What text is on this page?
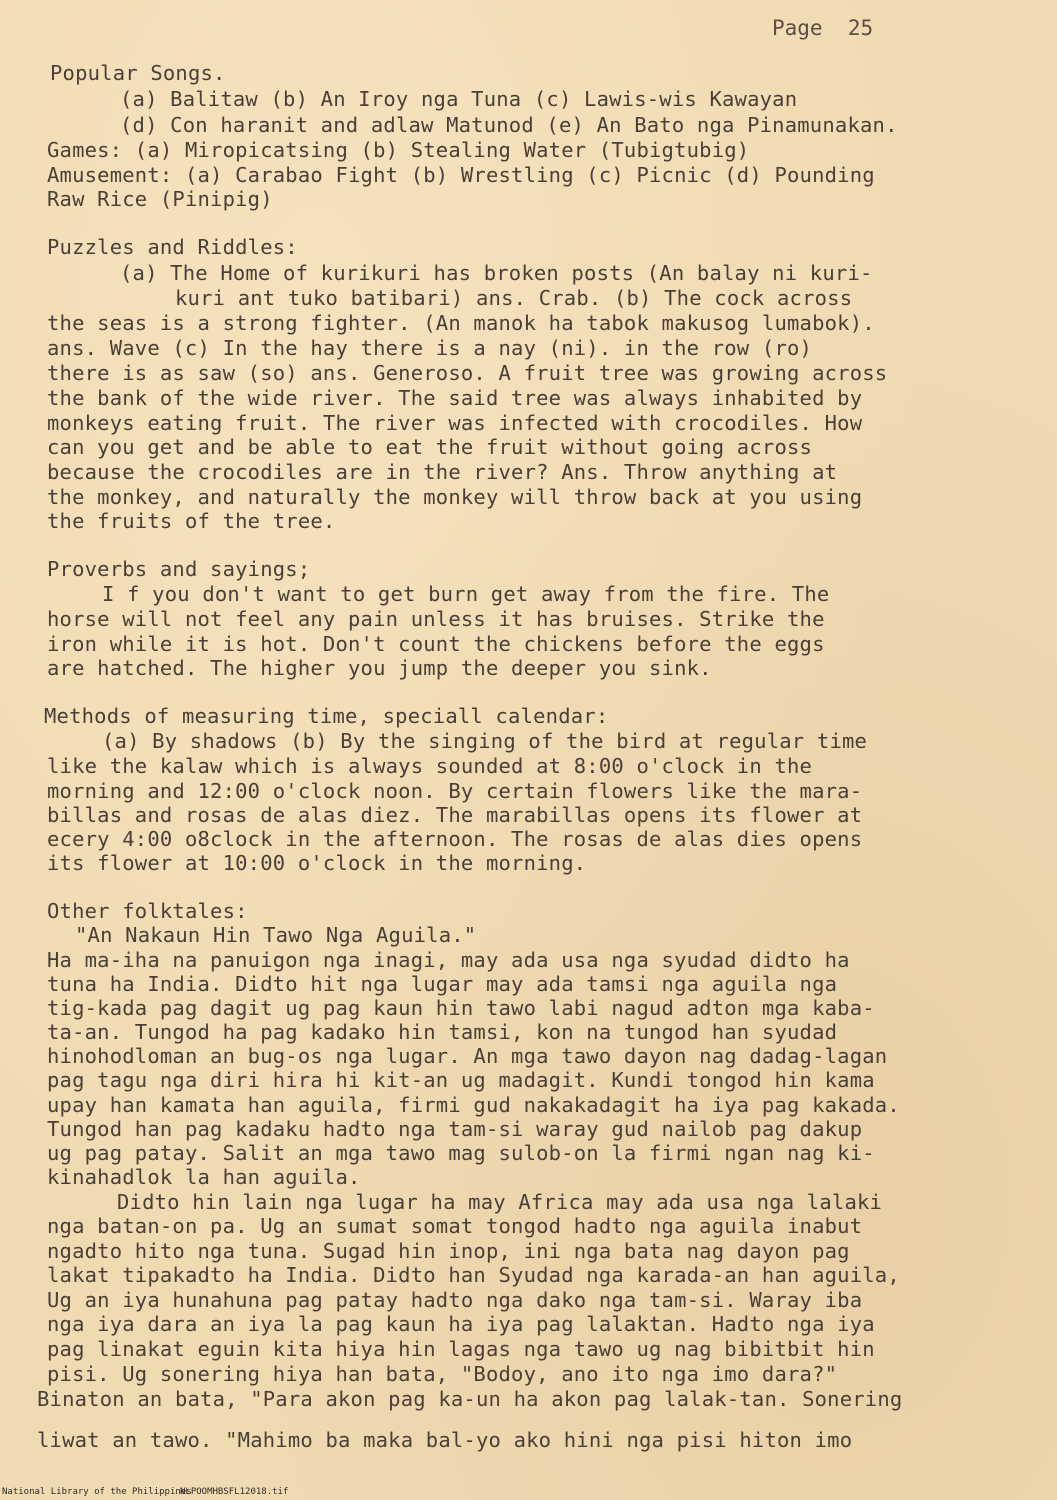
Page  25
Popular Songs.
(a) Balitaw (b) An Iroy nga Tuna (c) Lawis-wis Kawayan
(d) Con haranit and adlaw Matunod (e) An Bato nga Pinamunakan.
Games: (a) Miropicatsing (b) Stealing Water (Tubigtubig)
Amusement: (a) Carabao Fight (b) Wrestling (c) Picnic (d) Pounding
Raw Rice (Pinipig)
Puzzles and Riddles:
(a) The Home of kurikuri has broken posts (An balay ni kuri-
kuri ant tuko batibari) ans. Crab. (b) The cock across
the seas is a strong fighter. (An manok ha tabok makusog lumabok).
ans. Wave (c) In the hay there is a nay (ni). in the row (ro)
there is as saw (so) ans. Generoso. A fruit tree was growing across
the bank of the wide river. The said tree was always inhabited by
monkeys eating fruit. The river was infected with crocodiles. How
can you get and be able to eat the fruit without going across
because the crocodiles are in the river? Ans. Throw anything at
the monkey, and naturally the monkey will throw back at you using
the fruits of the tree.
Proverbs and sayings;
I f you don't want to get burn get away from the fire. The
horse will not feel any pain unless it has bruises. Strike the
iron while it is hot. Don't count the chickens before the eggs
are hatched. The higher you jump the deeper you sink.
Methods of measuring time, speciall calendar:
(a) By shadows (b) By the singing of the bird at regular time
like the kalaw which is always sounded at 8:00 o'clock in the
morning and 12:00 o'clock noon. By certain flowers like the mara-
billas and rosas de alas diez. The marabillas opens its flower at
ecery 4:00 o8clock in the afternoon. The rosas de alas dies opens
its flower at 10:00 o'clock in the morning.
Other folktales:
"An Nakaun Hin Tawo Nga Aguila."
Ha ma-iha na panuigon nga inagi, may ada usa nga syudad didto ha
tuna ha India. Didto hit nga lugar may ada tamsi nga aguila nga
tig-kada pag dagit ug pag kaun hin tawo labi nagud adton mga kaba-
ta-an. Tungod ha pag kadako hin tamsi, kon na tungod han syudad
hinohodloman an bug-os nga lugar. An mga tawo dayon nag dadag-lagan
pag tagu nga diri hira hi kit-an ug madagit. Kundi tongod hin kama
upay han kamata han aguila, firmi gud nakakadagit ha iya pag kakada.
Tungod han pag kadaku hadto nga tam-si waray gud nailob pag dakup
ug pag patay. Salit an mga tawo mag sulob-on la firmi ngan nag ki-
kinahadlok la han aguila.
Didto hin lain nga lugar ha may Africa may ada usa nga lalaki
nga batan-on pa. Ug an sumat somat tongod hadto nga aguila inabut
ngadto hito nga tuna. Sugad hin inop, ini nga bata nag dayon pag
lakat tipakadto ha India. Didto han Syudad nga karada-an han aguila,
Ug an iya hunahuna pag patay hadto nga dako nga tam-si. Waray iba
nga iya dara an iya la pag kaun ha iya pag lalaktan. Hadto nga iya
pag linakat eguin kita hiya hin lagas nga tawo ug nag bibitbit hin
pisi. Ug sonering hiya han bata, "Bodoy, ano ito nga imo dara?"
Binaton an bata, "Para akon pag ka-un ha akon pag lalak-tan. Sonering
liwat an tawo. "Mahimo ba maka bal-yo ako hini nga pisi hiton imo
National Library of the Philippines
NLPOOMHBSFL12018.tif
